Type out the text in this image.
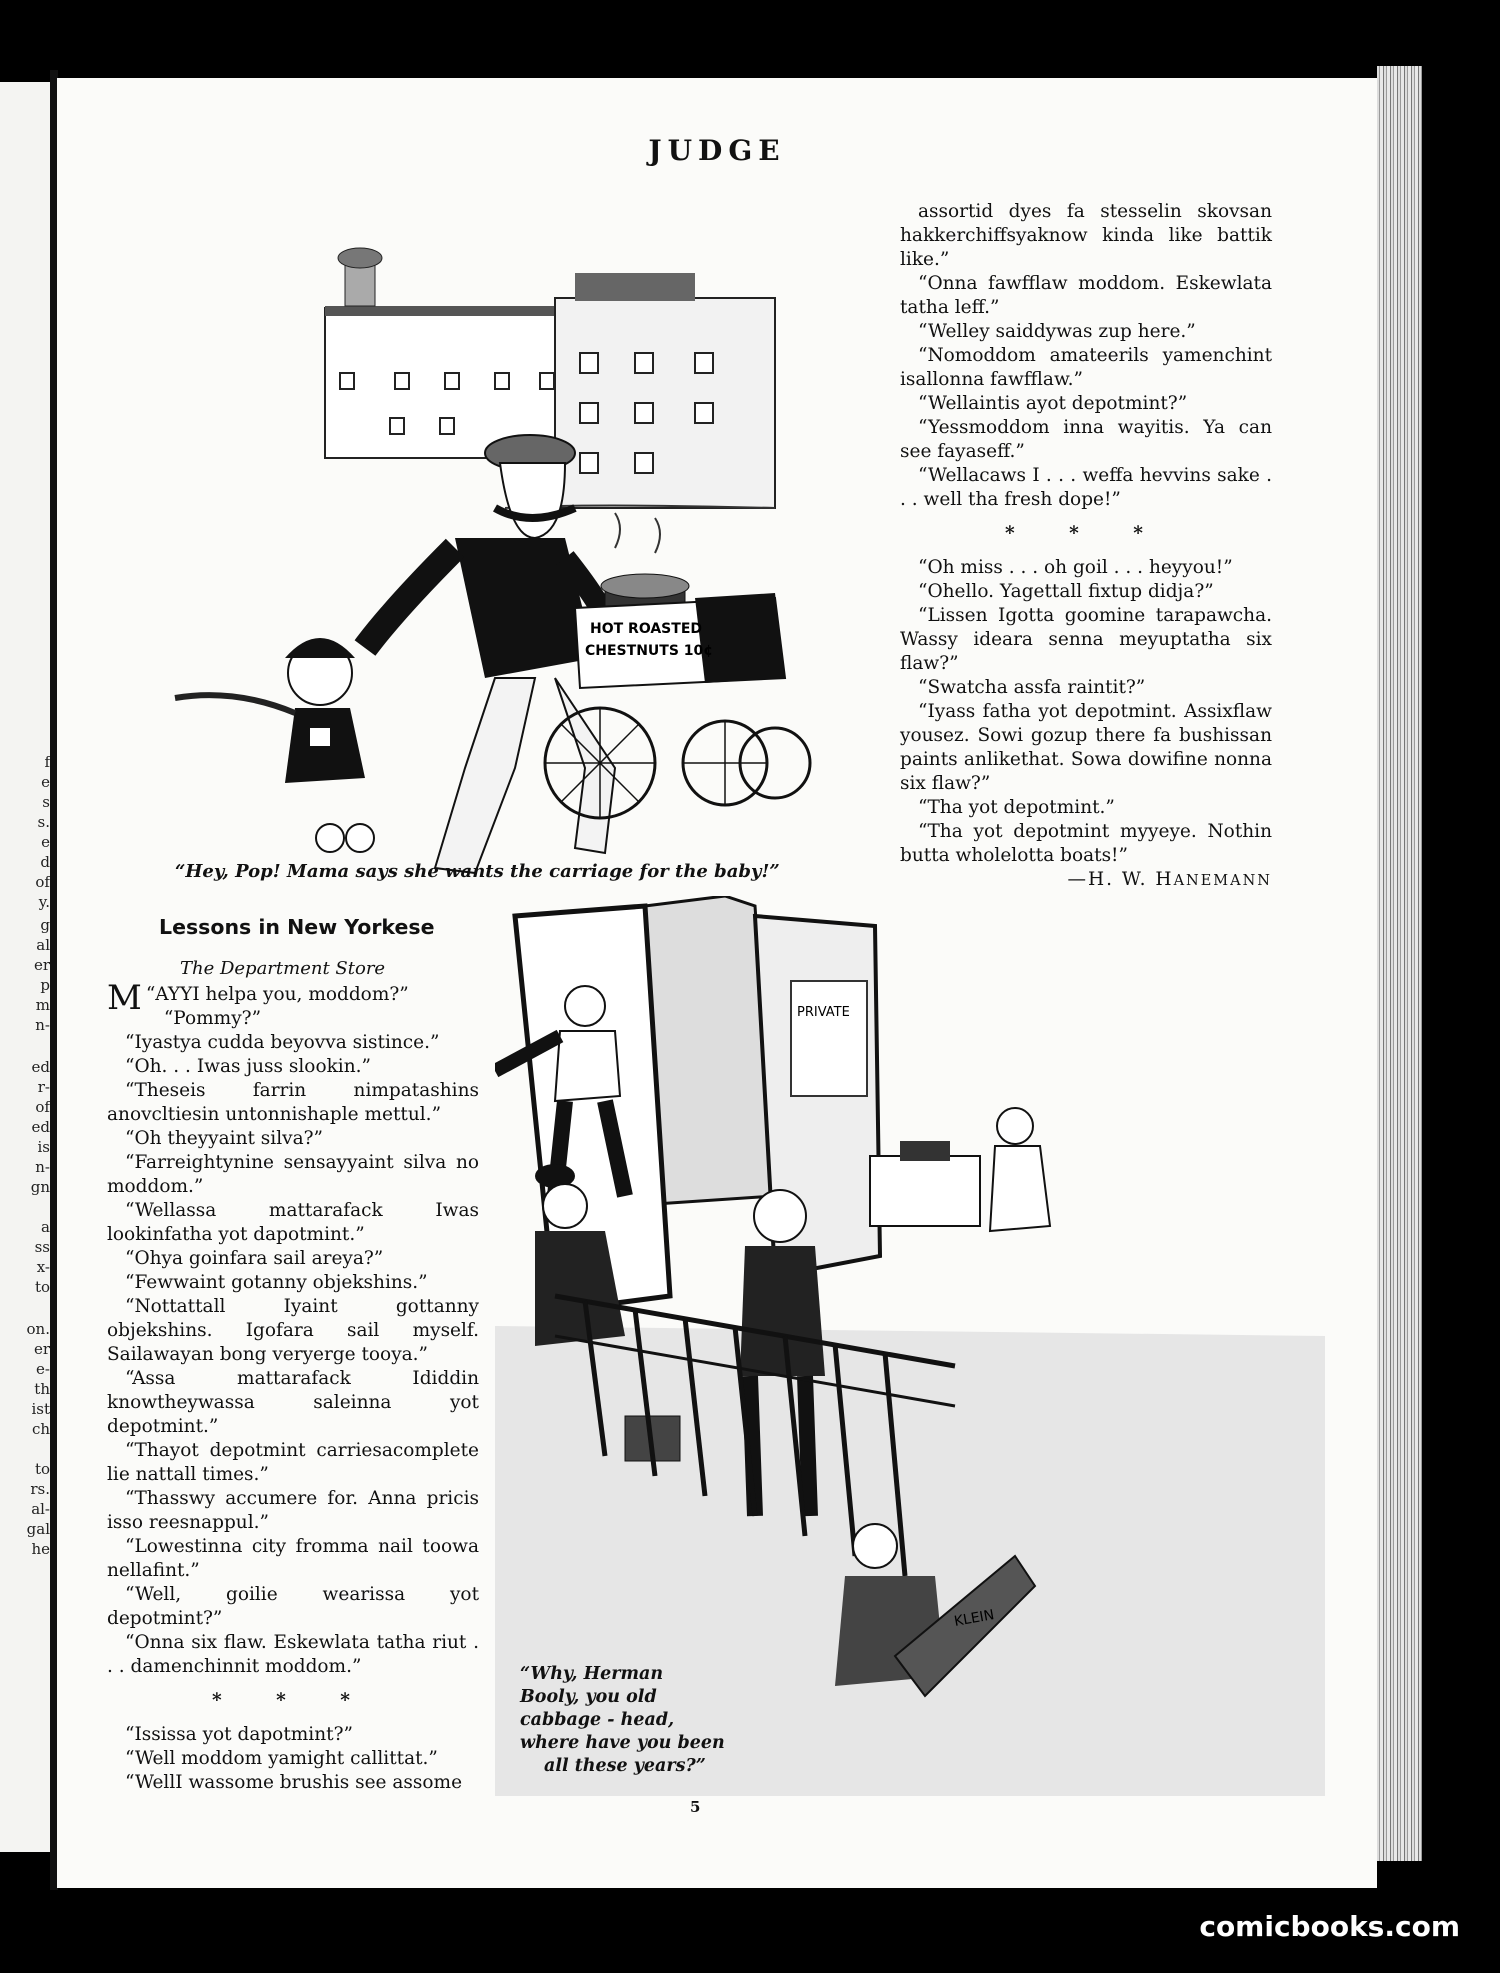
f
e
s
s.
e
d
of
y.
g
al
er
p
m
n-
ed
r-
of
ed
is
n-
gn
a
ss
x-
to
on.
er
e-
th
ist
ch
to
rs.
al-
gal
he
JUDGE
HOT ROASTED
CHESTNUTS 10¢
“Hey, Pop! Mama says she wants the carriage for the baby!”

assortid dyes fa stesselin skovsan hakkerchiffsyaknow kinda like battik like.”

“Onna fawfflaw moddom. Eskewlata tatha leff.”

“Welley saiddywas zup here.”

“Nomoddom amateerils yamenchint isallonna fawfflaw.”

“Wellaintis ayot depotmint?”

“Yessmoddom inna wayitis. Ya can see fayaseff.”

“Wellacaws I . . . weffa hevvins sake . . . well tha fresh dope!”

* * *

“Oh miss . . . oh goil . . . heyyou!”

“Ohello. Yagettall fixtup didja?”

“Lissen Igotta goomine tarapawcha. Wassy ideara senna meyuptatha six flaw?”

“Swatcha assfa raintit?”

“Iyass fatha yot depotmint. Assixflaw yousez. Sowi gozup there fa bushissan paints anlikethat. Sowa dowifine nonna six flaw?”

“Tha yot depotmint.”

“Tha yot depotmint myyeye. Nothin butta wholelotta boats!”

—H. W. HANEMANN
Lessons in New Yorkese
The Department Store

“
M AYYI helpa you, moddom?”

“Pommy?”

“Iyastya cudda beyovva sistince.”

“Oh. . . Iwas juss slookin.”

“Theseis farrin nimpatashins anovcltiesin untonnishaple mettul.”

“Oh theyyaint silva?”

“Farreightynine sensayyaint silva no moddom.”

“Wellassa mattarafack Iwas lookinfatha yot dapotmint.”

“Ohya goinfara sail areya?”

“Fewwaint gotanny objekshins.”

“Nottattall Iyaint gottanny objekshins. Igofara sail myself. Sailawayan bong veryerge tooya.”

“Assa mattarafack Ididdin knowtheywassa saleinna yot depotmint.”

“Thayot depotmint carriesacomplete lie nattall times.”

“Thasswy accumere for. Anna pricis isso reesnappul.”

“Lowestinna city fromma nail toowa nellafint.”

“Well, goilie wearissa yot depotmint?”

“Onna six flaw. Eskewlata tatha riut . . . damenchinnit moddom.”

* * *

“Ississa yot dapotmint?”

“Well moddom yamight callittat.”

“WellI wassome brushis see assome

PRIVATE
KLEIN
“Why, Herman
Booly, you old
cabbage - head,
where have you been
all these years?”
5
comicbooks.com
